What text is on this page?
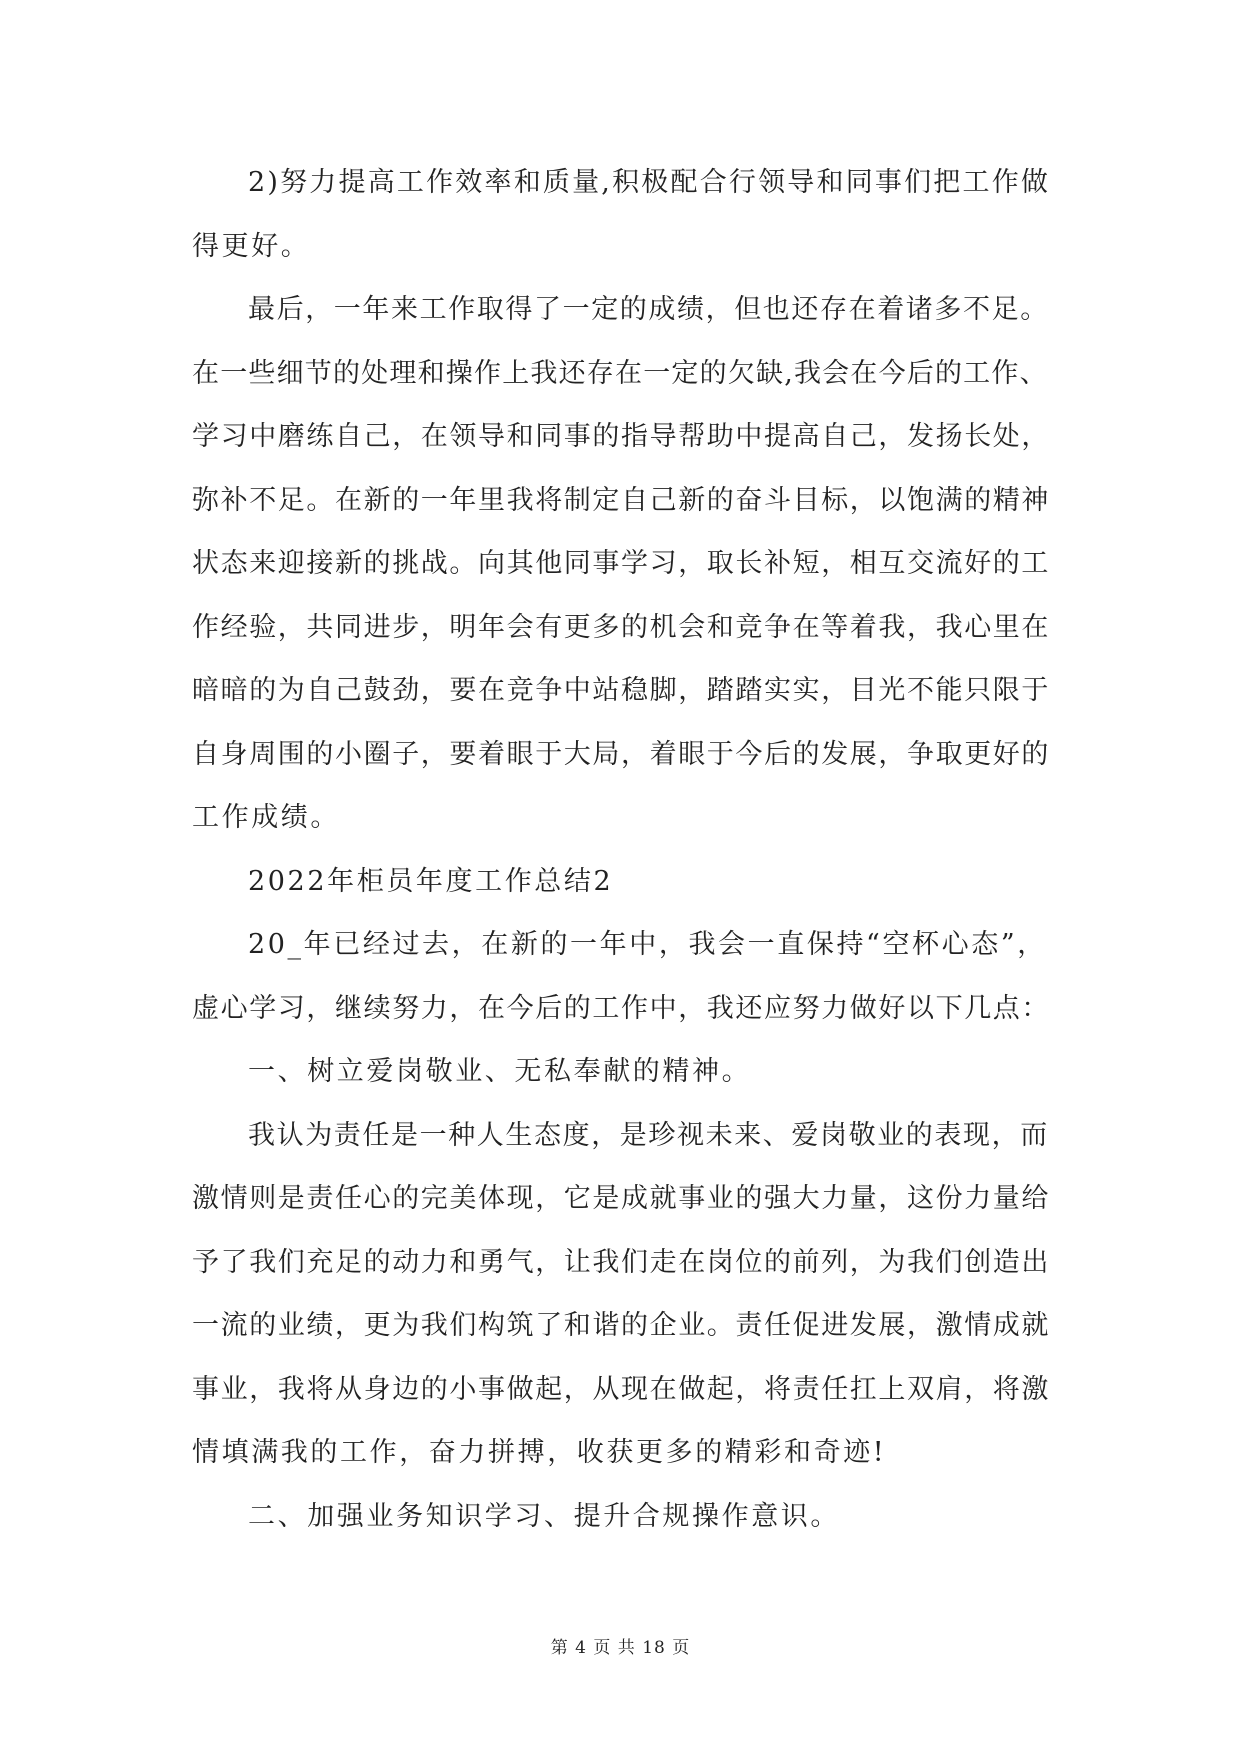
2)努力提高工作效率和质量,积极配合行领导和同事们把工作做
得更好。
最后，一年来工作取得了一定的成绩，但也还存在着诸多不足。
在一些细节的处理和操作上我还存在一定的欠缺,我会在今后的工作、
学习中磨练自己，在领导和同事的指导帮助中提高自己，发扬长处，
弥补不足。在新的一年里我将制定自己新的奋斗目标，以饱满的精神
状态来迎接新的挑战。向其他同事学习，取长补短，相互交流好的工
作经验，共同进步，明年会有更多的机会和竞争在等着我，我心里在
暗暗的为自己鼓劲，要在竞争中站稳脚，踏踏实实，目光不能只限于
自身周围的小圈子，要着眼于大局，着眼于今后的发展，争取更好的
工作成绩。
2022年柜员年度工作总结2
20_年已经过去，在新的一年中，我会一直保持“空杯心态”，
虚心学习，继续努力，在今后的工作中，我还应努力做好以下几点：
一、树立爱岗敬业、无私奉献的精神。
我认为责任是一种人生态度，是珍视未来、爱岗敬业的表现，而
激情则是责任心的完美体现，它是成就事业的强大力量，这份力量给
予了我们充足的动力和勇气，让我们走在岗位的前列，为我们创造出
一流的业绩，更为我们构筑了和谐的企业。责任促进发展，激情成就
事业，我将从身边的小事做起，从现在做起，将责任扛上双肩，将激
情填满我的工作，奋力拼搏，收获更多的精彩和奇迹!
二、加强业务知识学习、提升合规操作意识。
第 4 页 共 18 页
